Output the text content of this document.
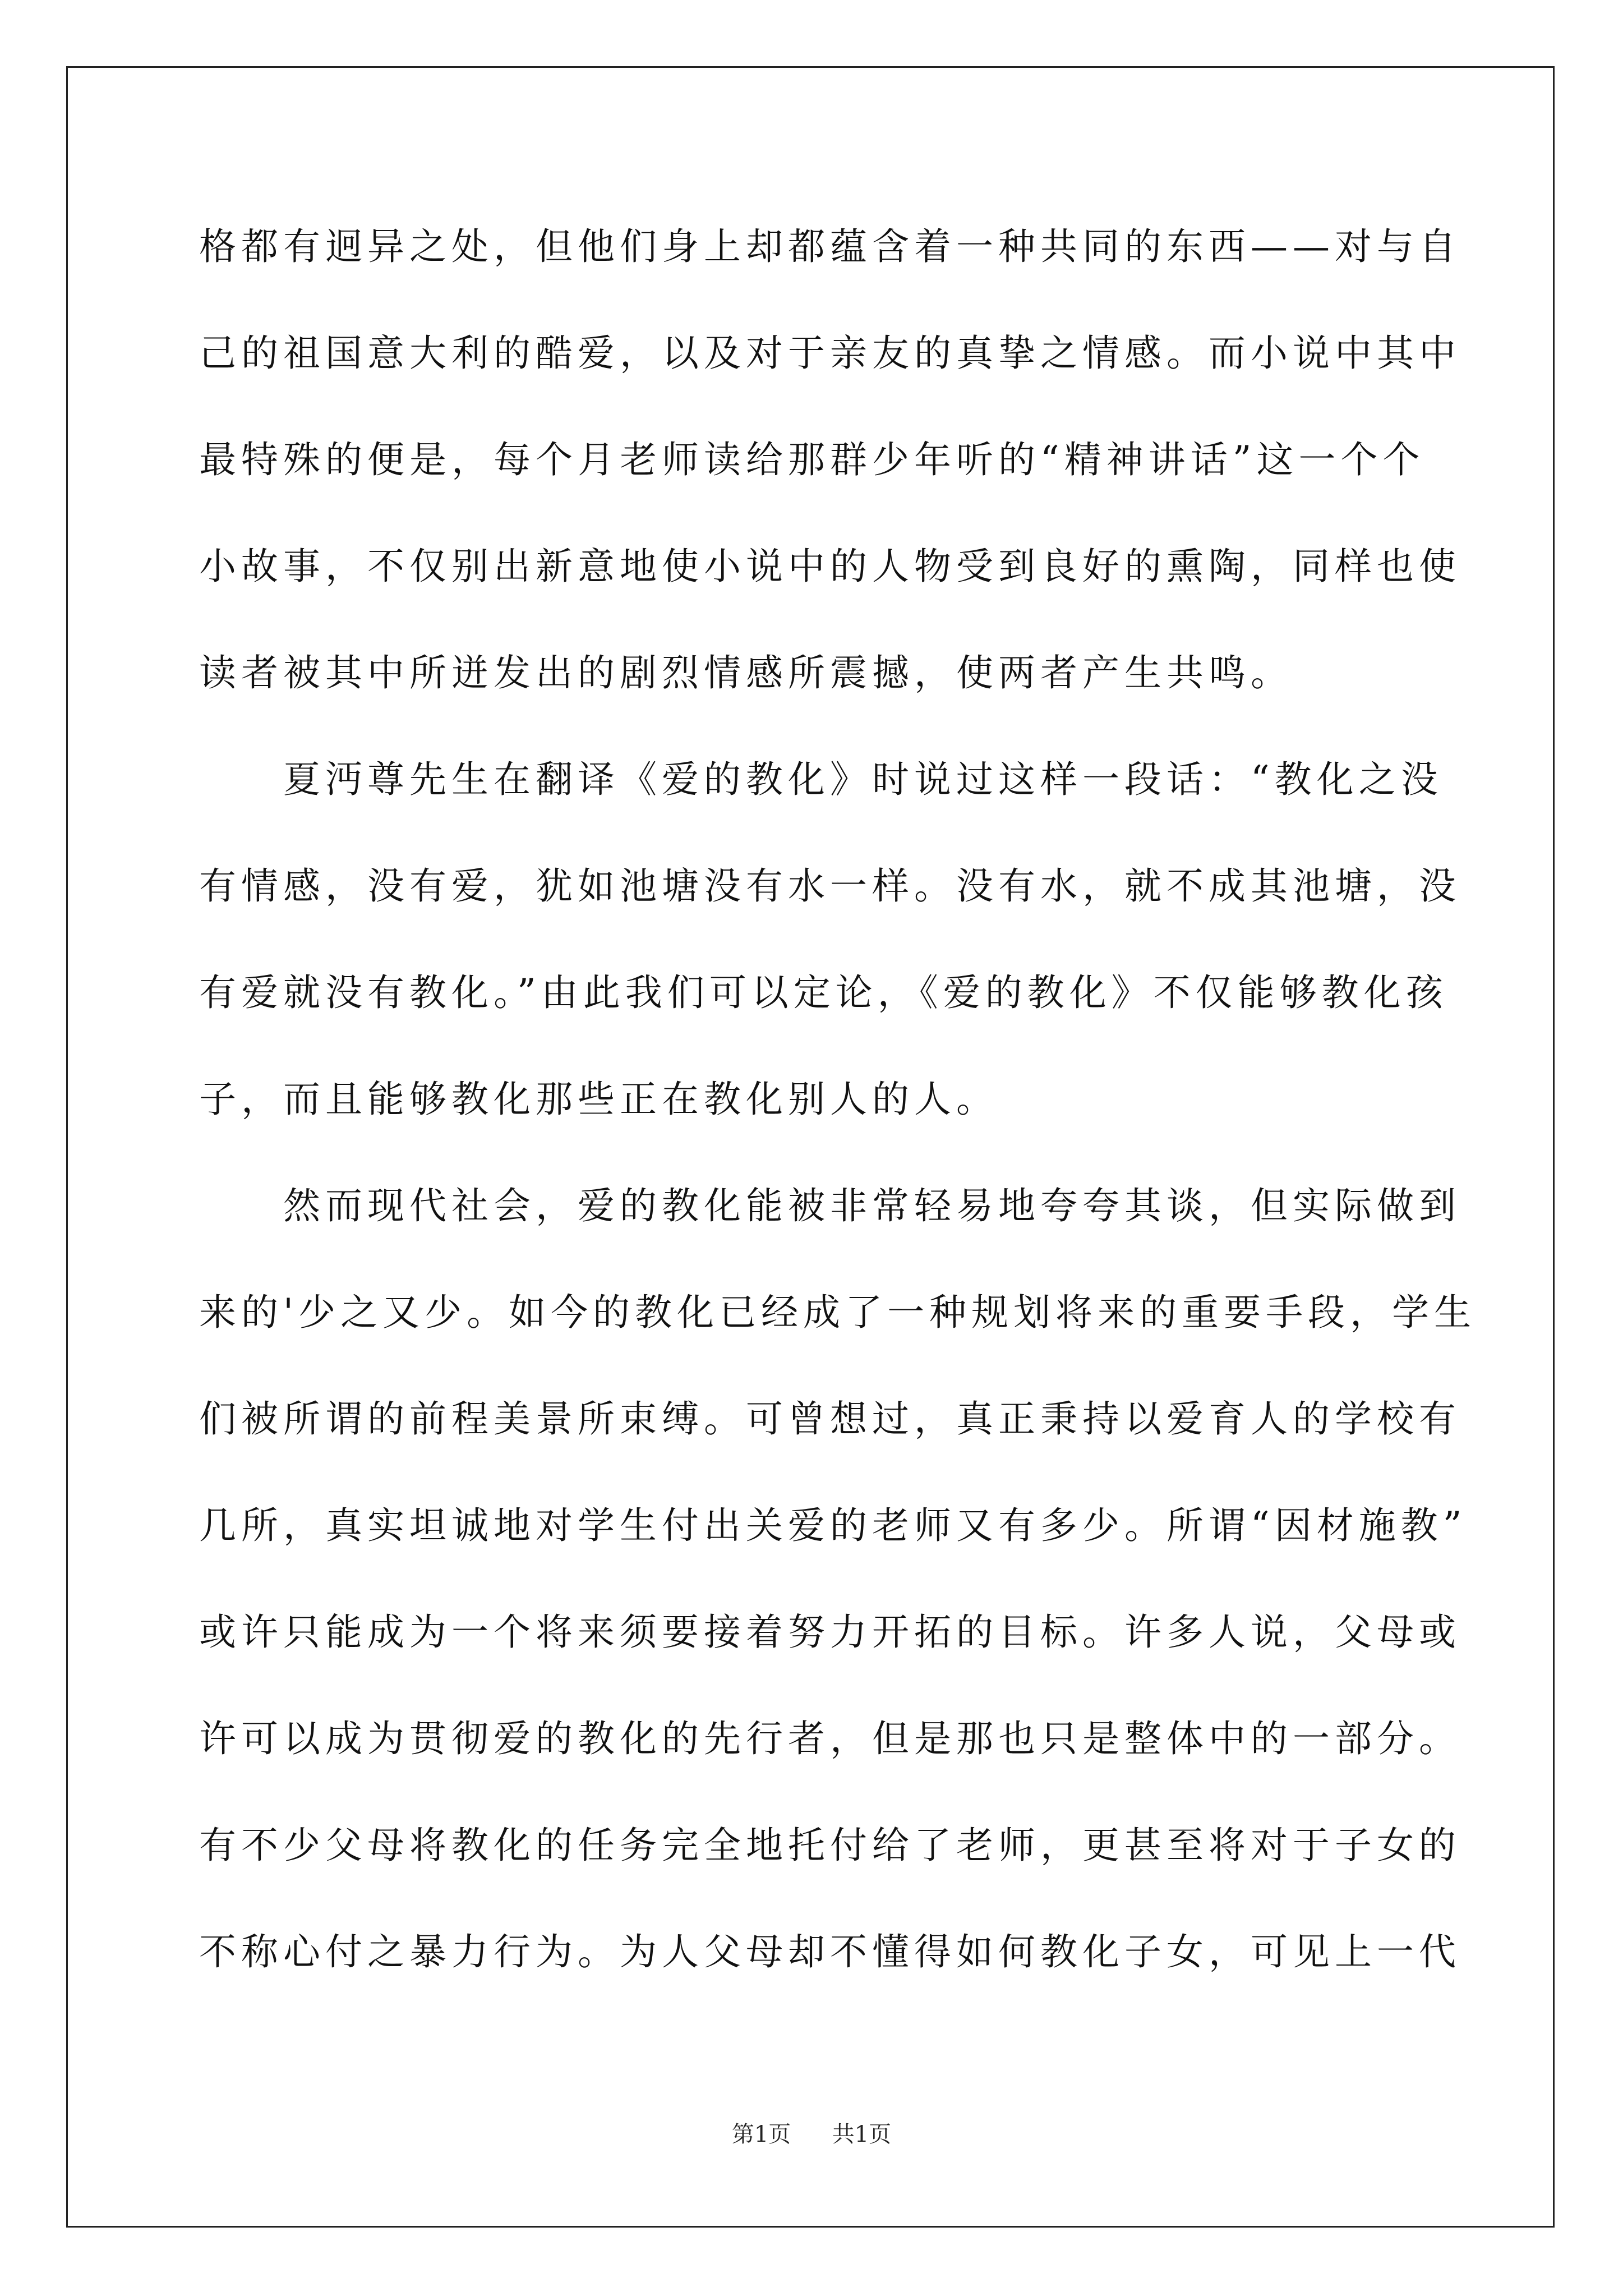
格都有迥异之处，但他们身上却都蕴含着一种共同的东西——对与自
己的祖国意大利的酷爱，以及对于亲友的真挚之情感。而小说中其中
最特殊的便是，每个月老师读给那群少年听的“精神讲话”这一个个
小故事，不仅别出新意地使小说中的人物受到良好的熏陶，同样也使
读者被其中所迸发出的剧烈情感所震撼，使两者产生共鸣。
　　夏沔尊先生在翻译《爱的教化》时说过这样一段话：“教化之没
有情感，没有爱，犹如池塘没有水一样。没有水，就不成其池塘，没
有爱就没有教化。”由此我们可以定论，《爱的教化》不仅能够教化孩
子，而且能够教化那些正在教化别人的人。
　　然而现代社会，爱的教化能被非常轻易地夸夸其谈，但实际做到
来的'少之又少。如今的教化已经成了一种规划将来的重要手段，学生
们被所谓的前程美景所束缚。可曾想过，真正秉持以爱育人的学校有
几所，真实坦诚地对学生付出关爱的老师又有多少。所谓“因材施教”
或许只能成为一个将来须要接着努力开拓的目标。许多人说，父母或
许可以成为贯彻爱的教化的先行者，但是那也只是整体中的一部分。
有不少父母将教化的任务完全地托付给了老师，更甚至将对于子女的
不称心付之暴力行为。为人父母却不懂得如何教化子女，可见上一代
第1页 共1页
